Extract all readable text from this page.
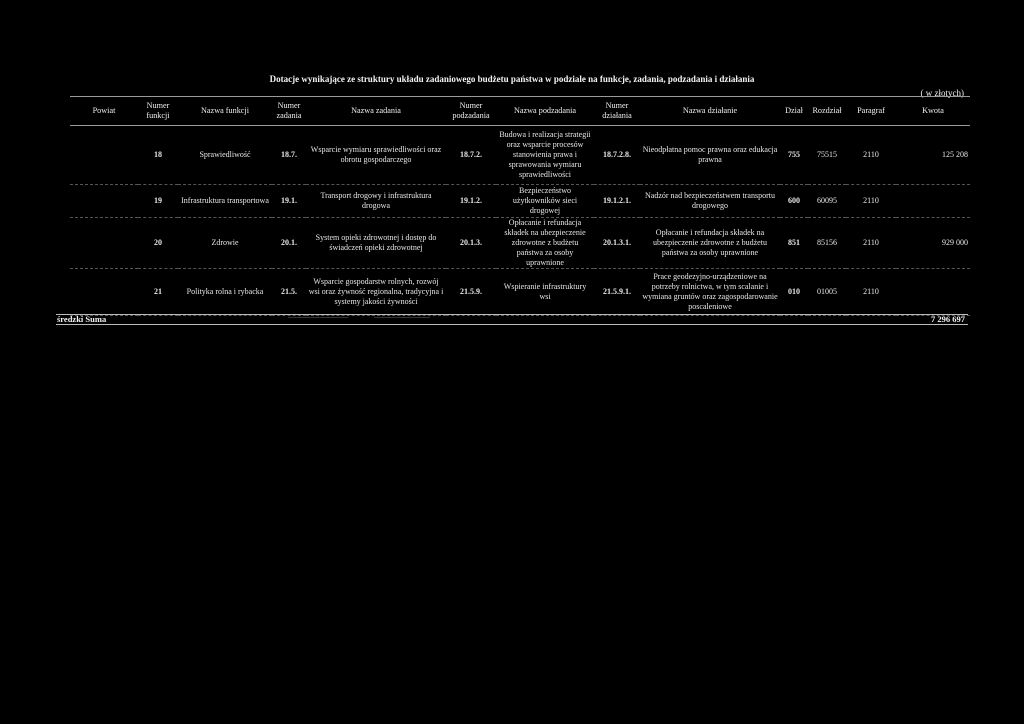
Dotacje wynikające ze struktury układu zadaniowego budżetu państwa w podziale na funkcje, zadania, podzadania i działania
( w złotych)
Powiat	Numer funkcji	Nazwa funkcji	Numer zadania	Nazwa zadania	Numer podzadania	Nazwa podzadania	Numer działania	Nazwa działanie	Dział	Rozdział	Paragraf	Kwota
	18	Sprawiedliwość	18.7.	Wsparcie wymiaru sprawiedliwości oraz obrotu gospodarczego	18.7.2.	Budowa i realizacja strategii oraz wsparcie procesów stanowienia prawa i sprawowania wymiaru sprawiedliwości	18.7.2.8.	Nieodpłatna pomoc prawna oraz edukacja prawna	755	75515	2110	125 208
	19	Infrastruktura transportowa	19.1.	Transport drogowy i infrastruktura drogowa	19.1.2.	Bezpieczeństwo użytkowników sieci drogowej	19.1.2.1.	Nadzór nad bezpieczeństwem transportu drogowego	600	60095	2110	
	20	Zdrowie	20.1.	System opieki zdrowotnej i dostęp do świadczeń opieki zdrowotnej	20.1.3.	Opłacanie i refundacja składek na ubezpieczenie zdrowotne z budżetu państwa za osoby uprawnione	20.1.3.1.	Opłacanie i refundacja składek na ubezpieczenie zdrowotne z budżetu państwa za osoby uprawnione	851	85156	2110	929 000
	21	Polityka rolna i rybacka	21.5.	Wsparcie gospodarstw rolnych, rozwój wsi oraz żywność regionalna, tradycyjna i systemy jakości żywności	21.5.9.	Wspieranie infrastruktury wsi	21.5.9.1.	Prace geodezyjno-urządzeniowe na potrzeby rolnictwa, w tym scalanie i wymiana gruntów oraz zagospodarowanie poscaleniowe	010	01005	2110	
średzki Suma	7 296 697
